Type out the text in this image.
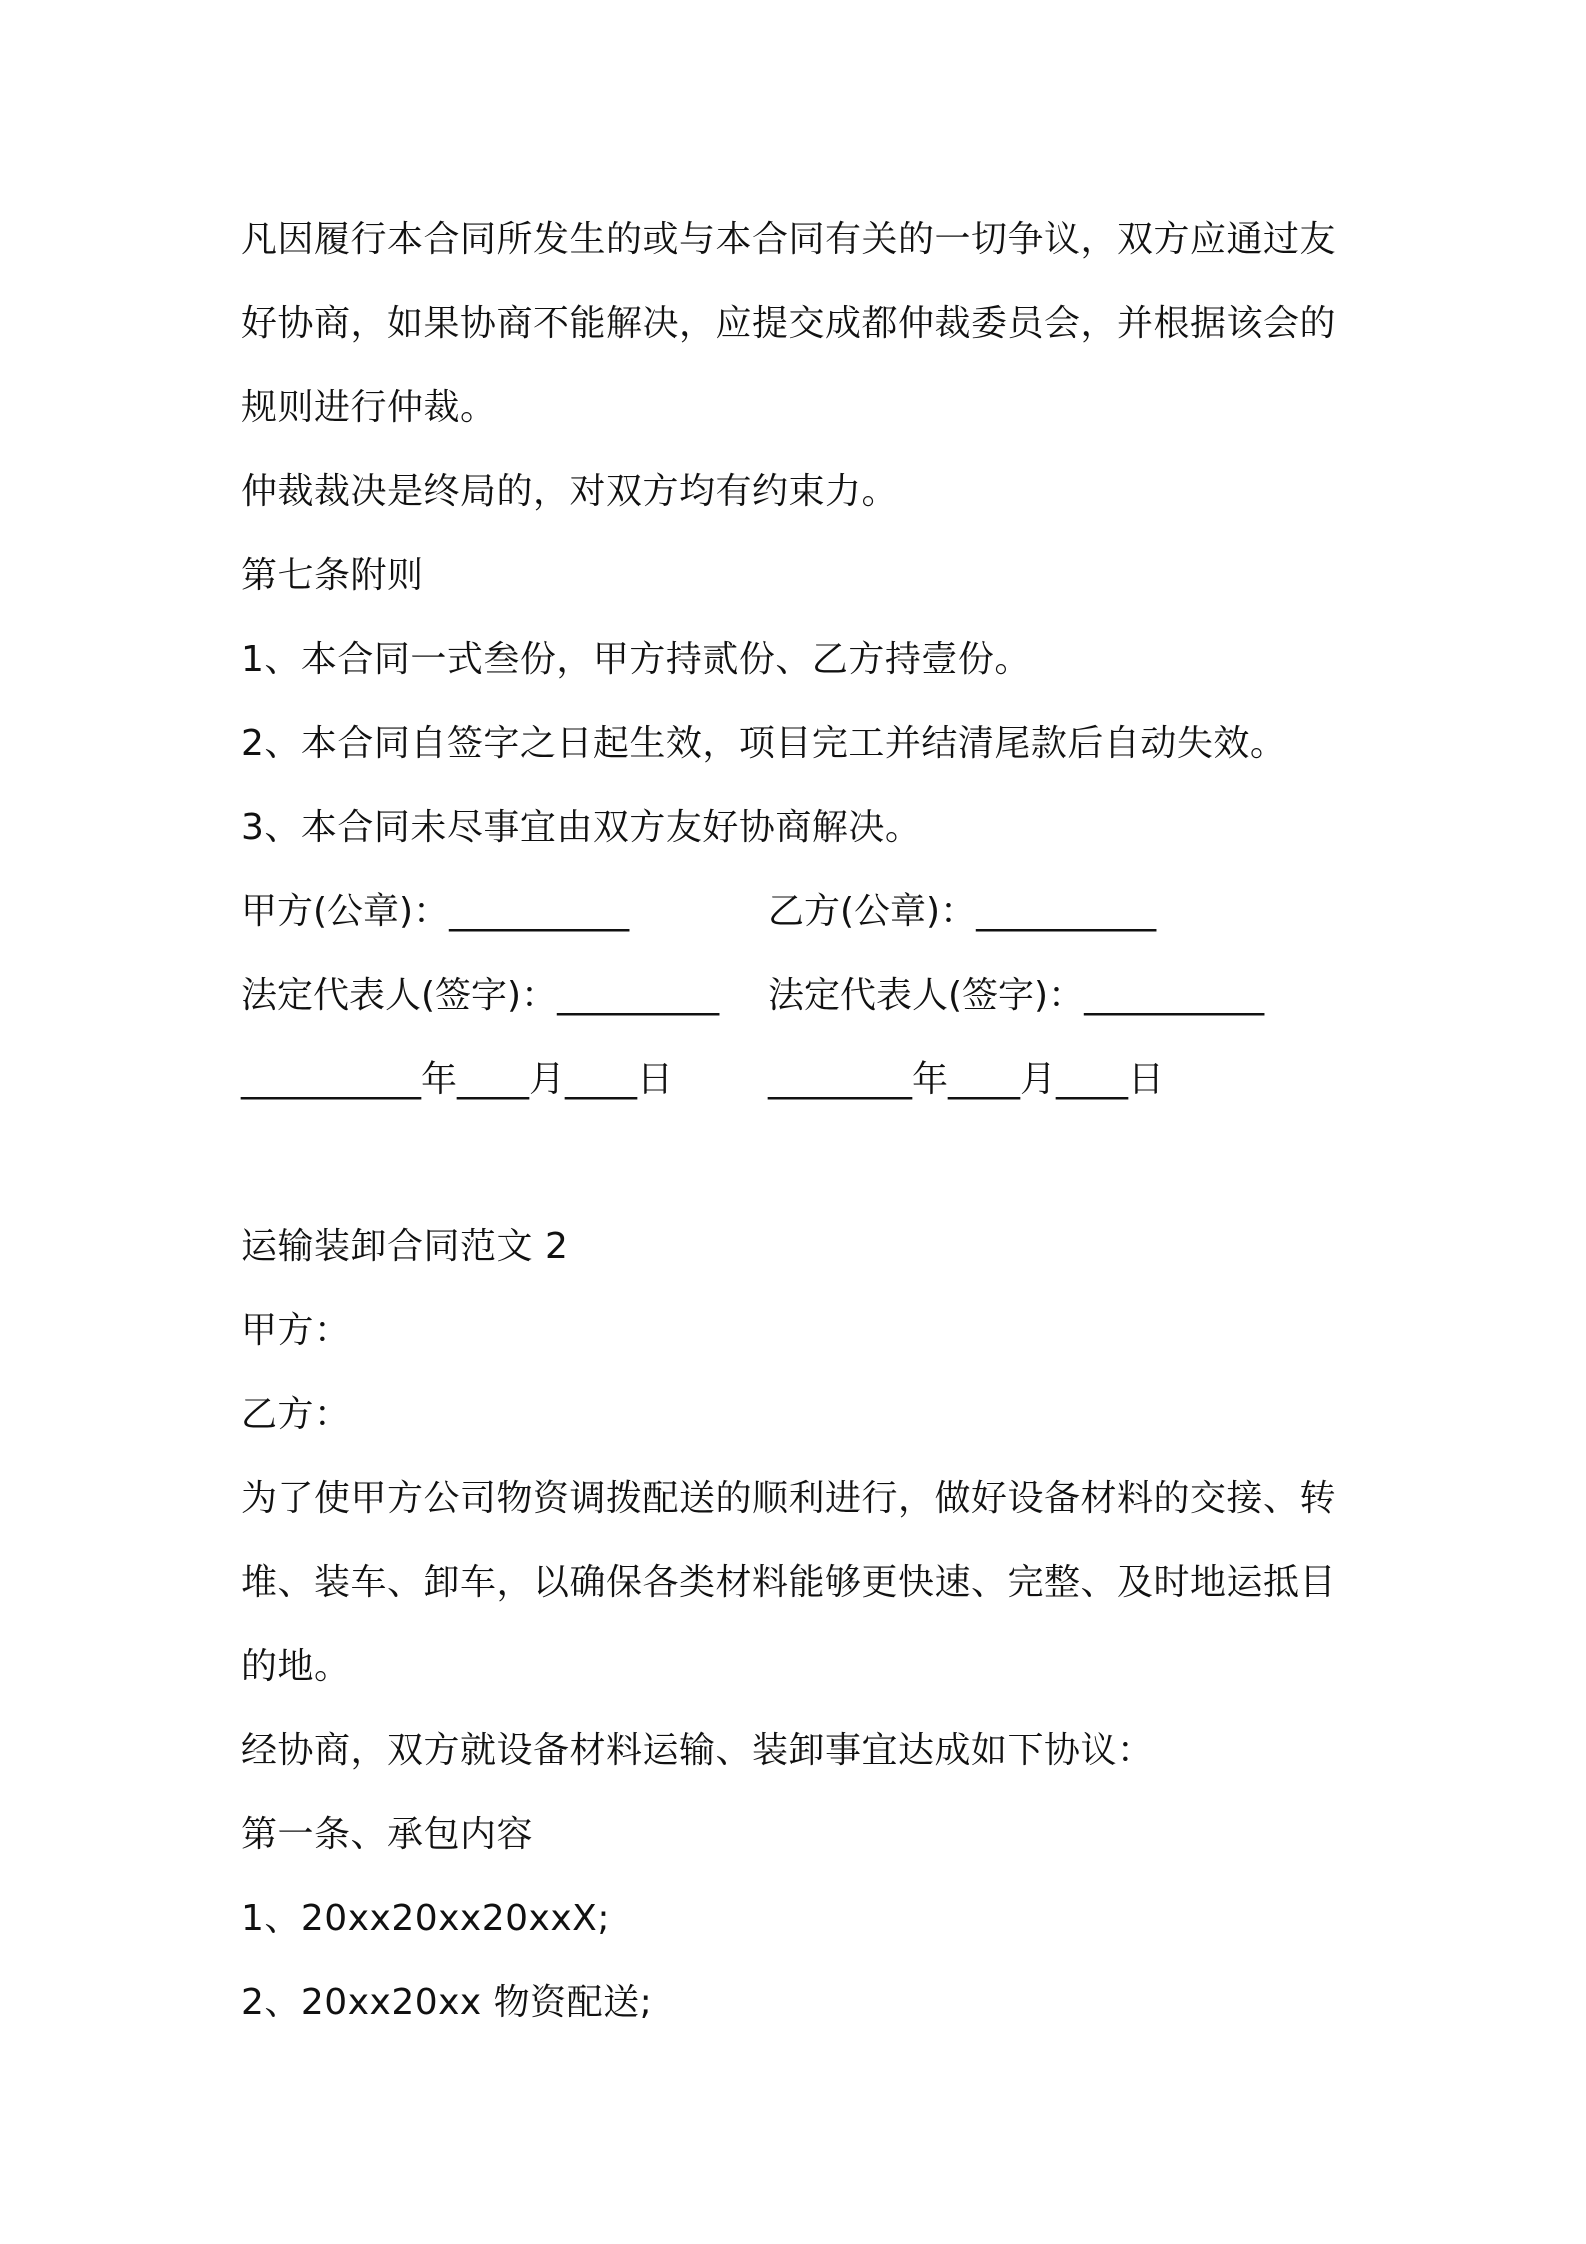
凡因履行本合同所发生的或与本合同有关的一切争议，双方应通过友
好协商，如果协商不能解决，应提交成都仲裁委员会，并根据该会的
规则进行仲裁。
仲裁裁决是终局的，对双方均有约束力。
第七条附则
1、本合同一式叁份，甲方持贰份、乙方持壹份。
2、本合同自签字之日起生效，项目完工并结清尾款后自动失效。
3、本合同未尽事宜由双方友好协商解决。
甲方(公章)：__________	乙方(公章)：__________
法定代表人(签字)：_________ 法定代表人(签字)：__________
__________年____月____日	________年____月____日
运输装卸合同范文 2
甲方：
乙方：
为了使甲方公司物资调拨配送的顺利进行，做好设备材料的交接、转
堆、装车、卸车，以确保各类材料能够更快速、完整、及时地运抵目
的地。
经协商，双方就设备材料运输、装卸事宜达成如下协议：
第一条、承包内容
1、20xx20xx20xxX;
2、20xx20xx 物资配送;
